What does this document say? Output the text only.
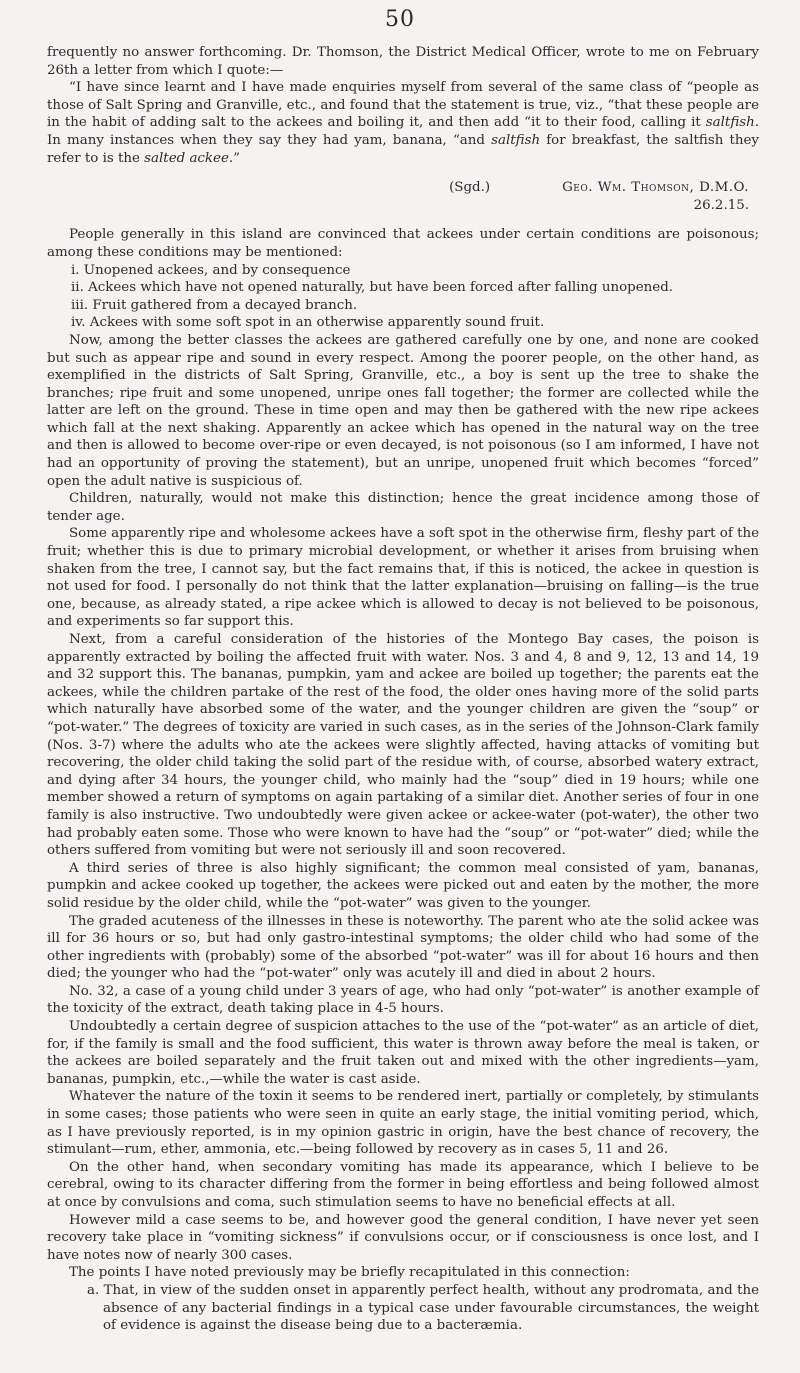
50

frequently no answer forthcoming. Dr. Thomson, the District Medical Officer, wrote to me on February 26th a letter from which I quote:—

“I have since learnt and I have made enquiries myself from several of the same class of “people as those of Salt Spring and Granville, etc., and found that the statement is true, viz., “that these people are in the habit of adding salt to the ackees and boiling it, and then add “it to their food, calling it saltfish. In many instances when they say they had yam, banana, “and saltfish for breakfast, the saltfish they refer to is the salted ackee.”

(Sgd.)	Geo. Wm. Thomson, D.M.O.
26.2.15.

People generally in this island are convinced that ackees under certain conditions are poisonous; among these conditions may be mentioned:

i. Unopened ackees, and by consequence

ii. Ackees which have not opened naturally, but have been forced after falling unopened.

iii. Fruit gathered from a decayed branch.

iv. Ackees with some soft spot in an otherwise apparently sound fruit.

Now, among the better classes the ackees are gathered carefully one by one, and none are cooked but such as appear ripe and sound in every respect. Among the poorer people, on the other hand, as exemplified in the districts of Salt Spring, Granville, etc., a boy is sent up the tree to shake the branches; ripe fruit and some unopened, unripe ones fall together; the former are collected while the latter are left on the ground. These in time open and may then be gathered with the new ripe ackees which fall at the next shaking. Apparently an ackee which has opened in the natural way on the tree and then is allowed to become over-ripe or even decayed, is not poisonous (so I am informed, I have not had an opportunity of proving the statement), but an unripe, unopened fruit which becomes “forced” open the adult native is suspicious of.

Children, naturally, would not make this distinction; hence the great incidence among those of tender age.

Some apparently ripe and wholesome ackees have a soft spot in the otherwise firm, fleshy part of the fruit; whether this is due to primary microbial development, or whether it arises from bruising when shaken from the tree, I cannot say, but the fact remains that, if this is noticed, the ackee in question is not used for food. I personally do not think that the latter explanation—bruising on falling—is the true one, because, as already stated, a ripe ackee which is allowed to decay is not believed to be poisonous, and experiments so far support this.

Next, from a careful consideration of the histories of the Montego Bay cases, the poison is apparently extracted by boiling the affected fruit with water. Nos. 3 and 4, 8 and 9, 12, 13 and 14, 19 and 32 support this. The bananas, pumpkin, yam and ackee are boiled up together; the parents eat the ackees, while the children partake of the rest of the food, the older ones having more of the solid parts which naturally have absorbed some of the water, and the younger children are given the “soup” or “pot-water.” The degrees of toxicity are varied in such cases, as in the series of the Johnson-Clark family (Nos. 3-7) where the adults who ate the ackees were slightly affected, having attacks of vomiting but recovering, the older child taking the solid part of the residue with, of course, absorbed watery extract, and dying after 34 hours, the younger child, who mainly had the “soup” died in 19 hours; while one member showed a return of symptoms on again partaking of a similar diet. Another series of four in one family is also instructive. Two undoubtedly were given ackee or ackee-water (pot-water), the other two had probably eaten some. Those who were known to have had the “soup” or “pot-water” died; while the others suffered from vomiting but were not seriously ill and soon recovered.

A third series of three is also highly significant; the common meal consisted of yam, bananas, pumpkin and ackee cooked up together, the ackees were picked out and eaten by the mother, the more solid residue by the older child, while the “pot-water” was given to the younger.

The graded acuteness of the illnesses in these is noteworthy. The parent who ate the solid ackee was ill for 36 hours or so, but had only gastro-intestinal symptoms; the older child who had some of the other ingredients with (probably) some of the absorbed “pot-water” was ill for about 16 hours and then died; the younger who had the “pot-water” only was acutely ill and died in about 2 hours.

No. 32, a case of a young child under 3 years of age, who had only “pot-water” is another example of the toxicity of the extract, death taking place in 4-5 hours.

Undoubtedly a certain degree of suspicion attaches to the use of the “pot-water” as an article of diet, for, if the family is small and the food sufficient, this water is thrown away before the meal is taken, or the ackees are boiled separately and the fruit taken out and mixed with the other ingredients—yam, bananas, pumpkin, etc.,—while the water is cast aside.

Whatever the nature of the toxin it seems to be rendered inert, partially or completely, by stimulants in some cases; those patients who were seen in quite an early stage, the initial vomiting period, which, as I have previously reported, is in my opinion gastric in origin, have the best chance of recovery, the stimulant—rum, ether, ammonia, etc.—being followed by recovery as in cases 5, 11 and 26.

On the other hand, when secondary vomiting has made its appearance, which I believe to be cerebral, owing to its character differing from the former in being effortless and being followed almost at once by convulsions and coma, such stimulation seems to have no beneficial effects at all.

However mild a case seems to be, and however good the general condition, I have never yet seen recovery take place in “vomiting sickness” if convulsions occur, or if consciousness is once lost, and I have notes now of nearly 300 cases.

The points I have noted previously may be briefly recapitulated in this connection:

a. That, in view of the sudden onset in apparently perfect health, without any prodromata, and the absence of any bacterial findings in a typical case under favourable circumstances, the weight of evidence is against the disease being due to a bacteræmia.
